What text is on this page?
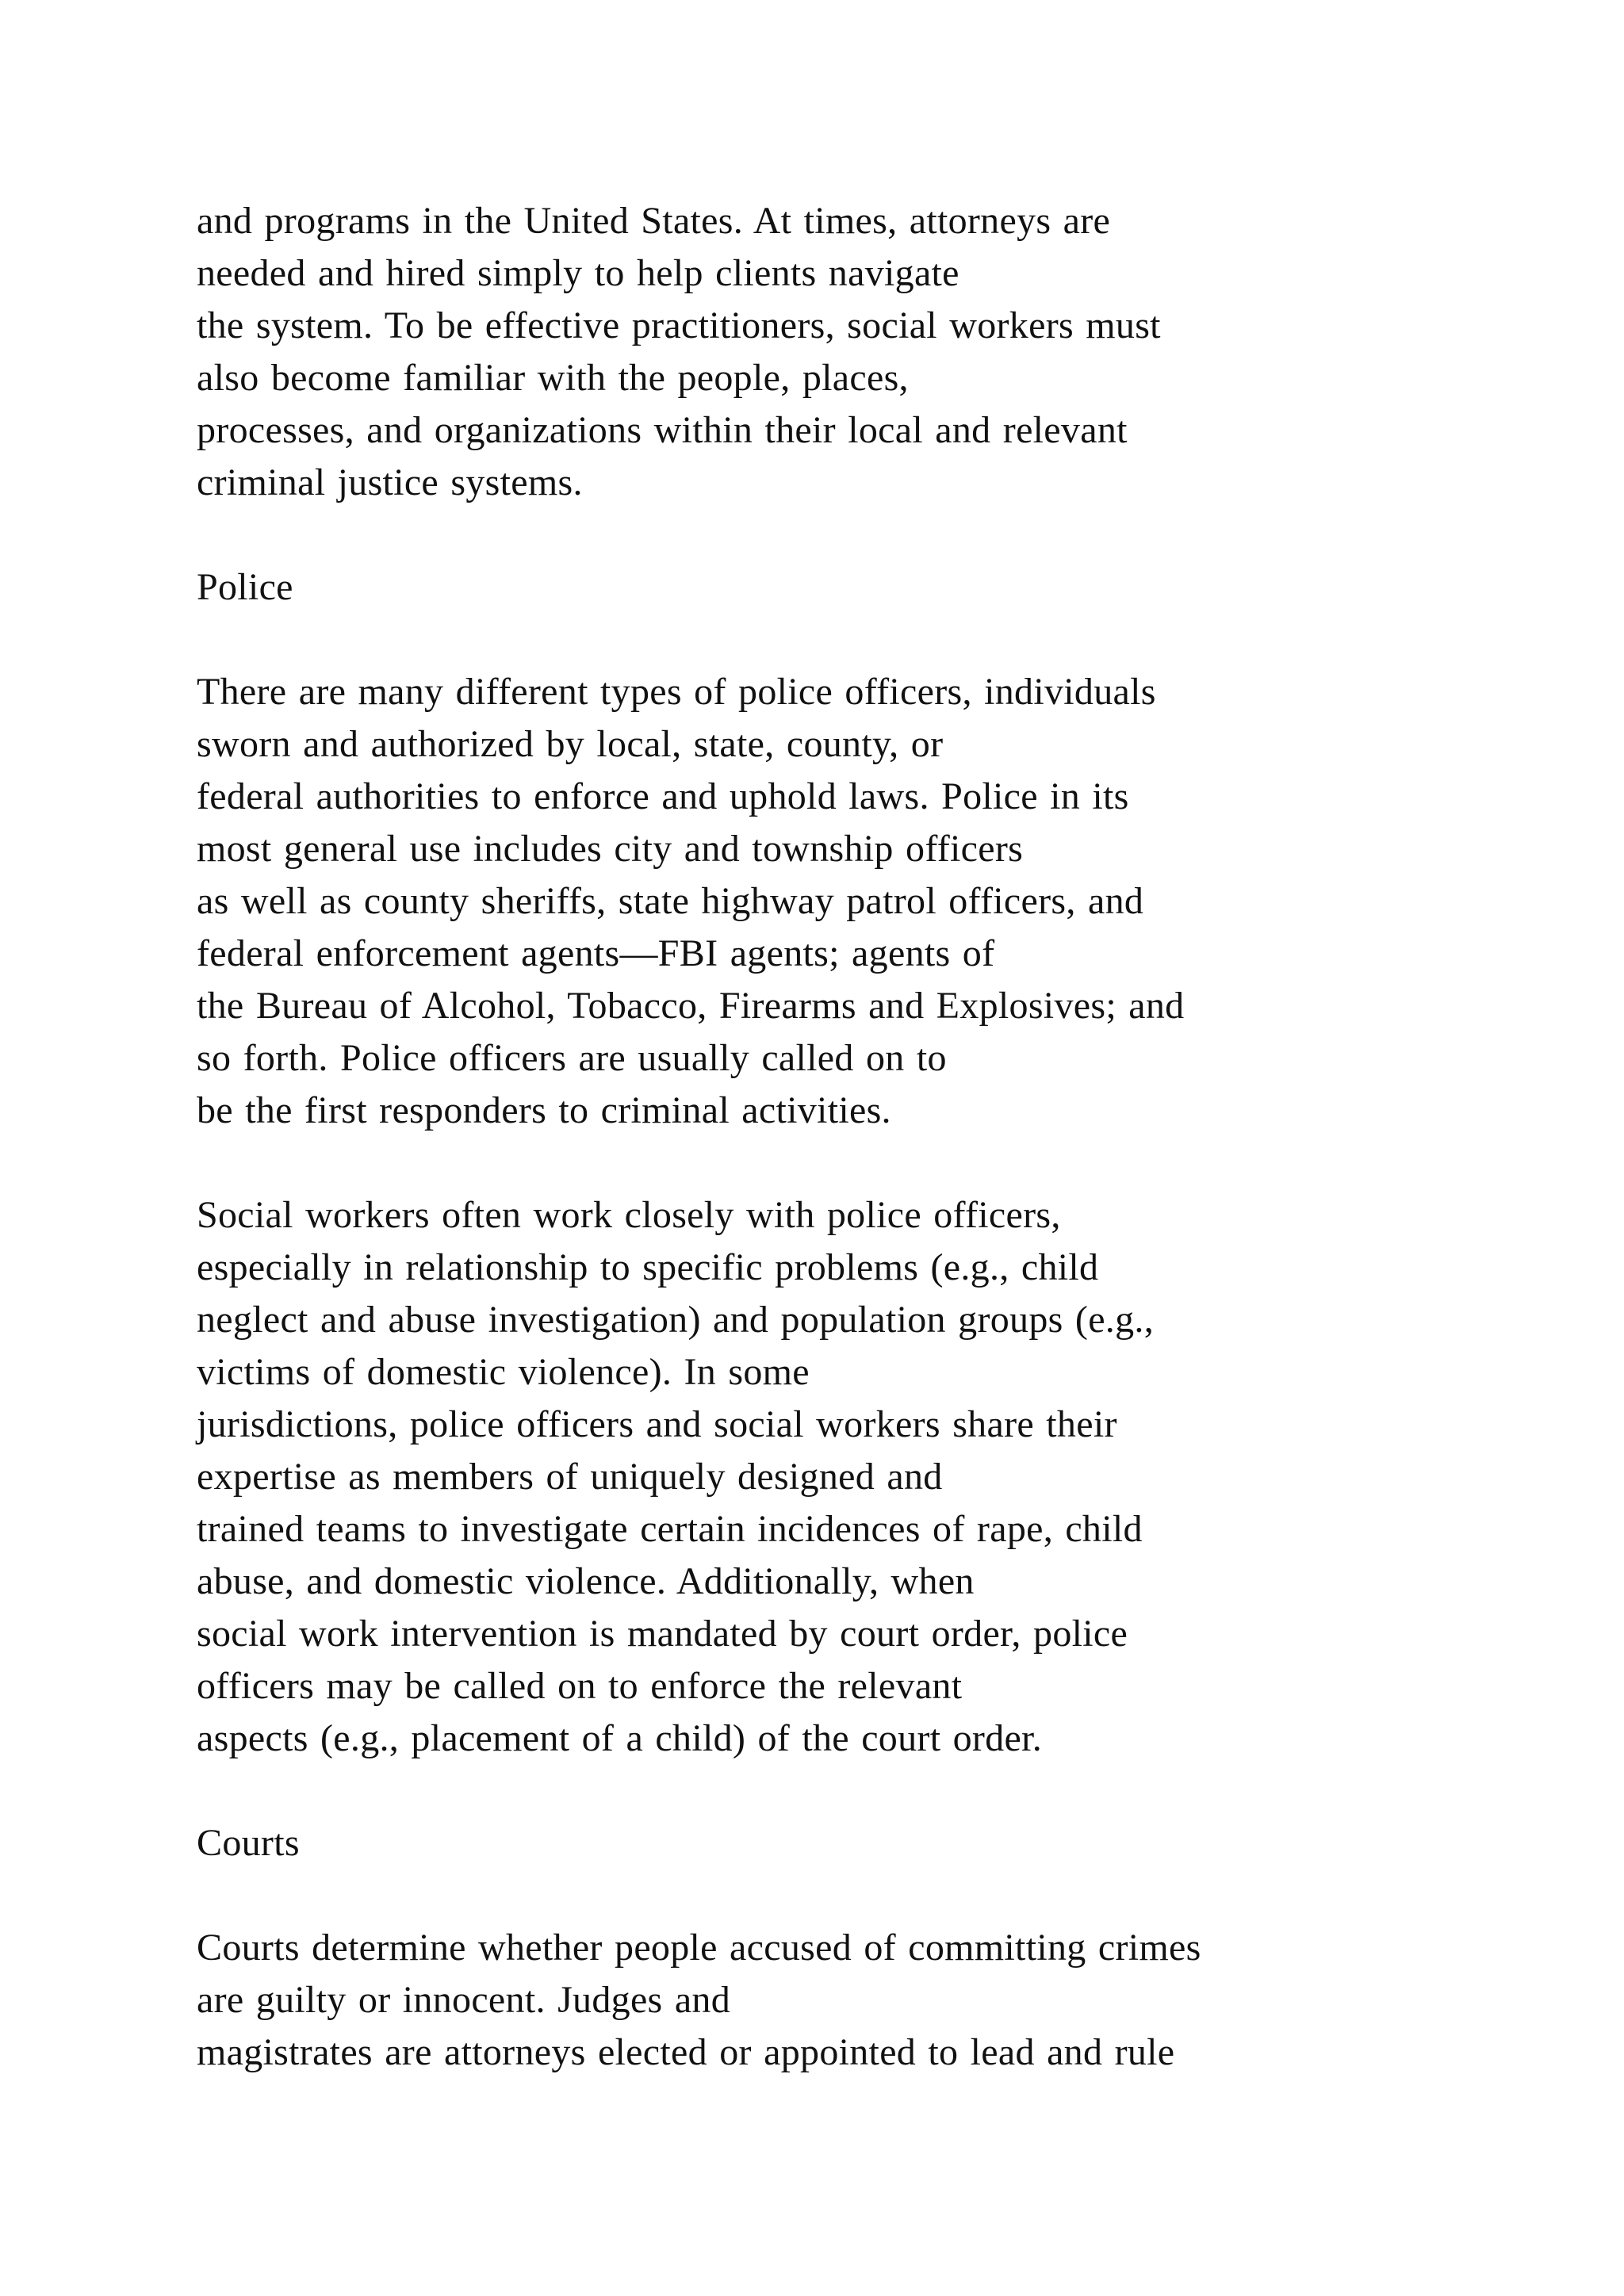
and programs in the United States. At times, attorneys are
needed and hired simply to help clients navigate
the system. To be effective practitioners, social workers must
also become familiar with the people, places,
processes, and organizations within their local and relevant
criminal justice systems.
Police
There are many different types of police officers, individuals
sworn and authorized by local, state, county, or
federal authorities to enforce and uphold laws. Police in its
most general use includes city and township officers
as well as county sheriffs, state highway patrol officers, and
federal enforcement agents—FBI agents; agents of
the Bureau of Alcohol, Tobacco, Firearms and Explosives; and
so forth. Police officers are usually called on to
be the first responders to criminal activities.
Social workers often work closely with police officers,
especially in relationship to specific problems (e.g., child
neglect and abuse investigation) and population groups (e.g.,
victims of domestic violence). In some
jurisdictions, police officers and social workers share their
expertise as members of uniquely designed and
trained teams to investigate certain incidences of rape, child
abuse, and domestic violence. Additionally, when
social work intervention is mandated by court order, police
officers may be called on to enforce the relevant
aspects (e.g., placement of a child) of the court order.
Courts
Courts determine whether people accused of committing crimes
are guilty or innocent. Judges and
magistrates are attorneys elected or appointed to lead and rule
